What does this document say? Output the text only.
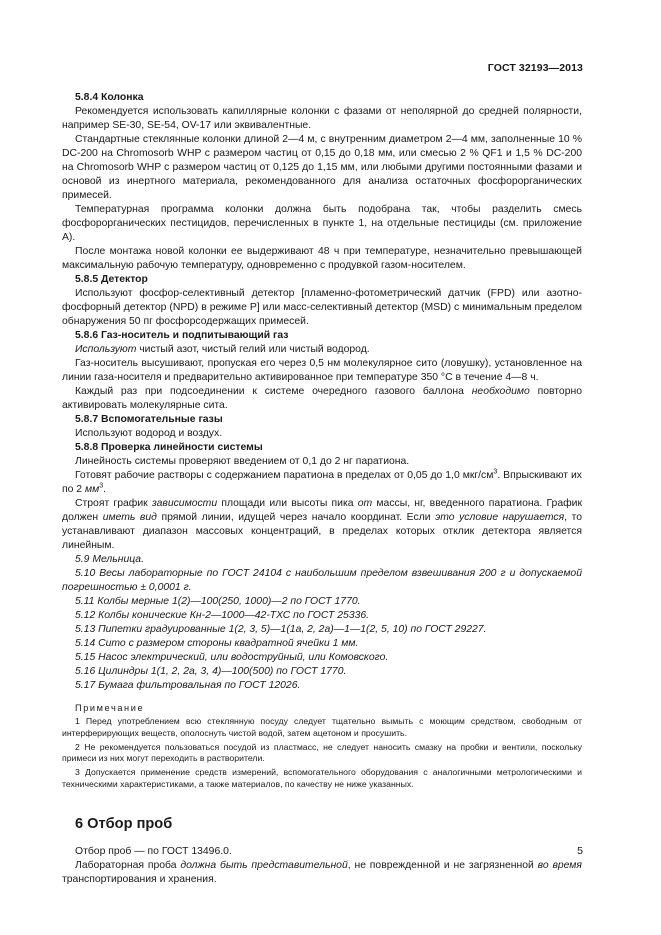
ГОСТ 32193—2013

5.8.4 Колонка

Рекомендуется использовать капиллярные колонки с фазами от неполярной до средней полярности, например SE-30, SE-54, OV-17 или эквивалентные.

Стандартные стеклянные колонки длиной 2—4 м, с внутренним диаметром 2—4 мм, заполненные 10 % DC-200 на Chromosorb WHP с размером частиц от 0,15 до 0,18 мм, или смесью 2 % QF1 и 1,5 % DC-200 на Chromosorb WHP с размером частиц от 0,125 до 1,15 мм, или любыми другими постоянными фазами и основой из инертного материала, рекомендованного для анализа остаточных фосфорорганических примесей.

Температурная программа колонки должна быть подобрана так, чтобы разделить смесь фосфорорганических пестицидов, перечисленных в пункте 1, на отдельные пестициды (см. приложение А).

После монтажа новой колонки ее выдерживают 48 ч при температуре, незначительно превышающей максимальную рабочую температуру, одновременно с продувкой газом-носителем.

5.8.5 Детектор

Используют фосфор-селективный детектор [пламенно-фотометрический датчик (FPD) или азотно-фосфорный детектор (NPD) в режиме Р] или масс-селективный детектор (MSD) с минимальным пределом обнаружения 50 пг фосфорсодержащих примесей.

5.8.6 Газ-носитель и подпитывающий газ

Используют чистый азот, чистый гелий или чистый водород.

Газ-носитель высушивают, пропуская его через 0,5 нм молекулярное сито (ловушку), установленное на линии газа-носителя и предварительно активированное при температуре 350 °С в течение 4—8 ч.

Каждый раз при подсоединении к системе очередного газового баллона необходимо повторно активировать молекулярные сита.

5.8.7 Вспомогательные газы

Используют водород и воздух.

5.8.8 Проверка линейности системы

Линейность системы проверяют введением от 0,1 до 2 нг паратиона.

Готовят рабочие растворы с содержанием паратиона в пределах от 0,05 до 1,0 мкг/$см^3$. Впрыскивают их по 2 $мм^3$.

Строят график зависимости площади или высоты пика от массы, нг, введенного паратиона. График должен иметь вид прямой линии, идущей через начало координат. Если это условие нарушается, то устанавливают диапазон массовых концентраций, в пределах которых отклик детектора является линейным.

5.9 Мельница.

5.10 Весы лабораторные по ГОСТ 24104 с наибольшим пределом взвешивания 200 г и допускаемой погрешностью ± 0,0001 г.

5.11 Колбы мерные 1(2)—100(250, 1000)—2 по ГОСТ 1770.

5.12 Колбы конические Кн-2—1000—42-ТХС по ГОСТ 25336.

5.13 Пипетки градуированные 1(2, 3, 5)—1(1а, 2, 2а)—1—1(2, 5, 10) по ГОСТ 29227.

5.14 Сито с размером стороны квадратной ячейки 1 мм.

5.15 Насос электрический, или водоструйный, или Комовского.

5.16 Цилиндры 1(1, 2, 2а, 3, 4)—100(500) по ГОСТ 1770.

5.17 Бумага фильтровальная по ГОСТ 12026.

Примечание

1 Перед употреблением всю стеклянную посуду следует тщательно вымыть с моющим средством, свободным от интерферирующих веществ, ополоснуть чистой водой, затем ацетоном и просушить.

2 Не рекомендуется пользоваться посудой из пластмасс, не следует наносить смазку на пробки и вентили, поскольку примеси из них могут переходить в растворители.

3 Допускается применение средств измерений, вспомогательного оборудования с аналогичными метрологическими и техническими характеристиками, а также материалов, по качеству не ниже указанных.

6 Отбор проб

Отбор проб — по ГОСТ 13496.0.

Лабораторная проба должна быть представительной, не поврежденной и не загрязненной во время транспортирования и хранения.

5
